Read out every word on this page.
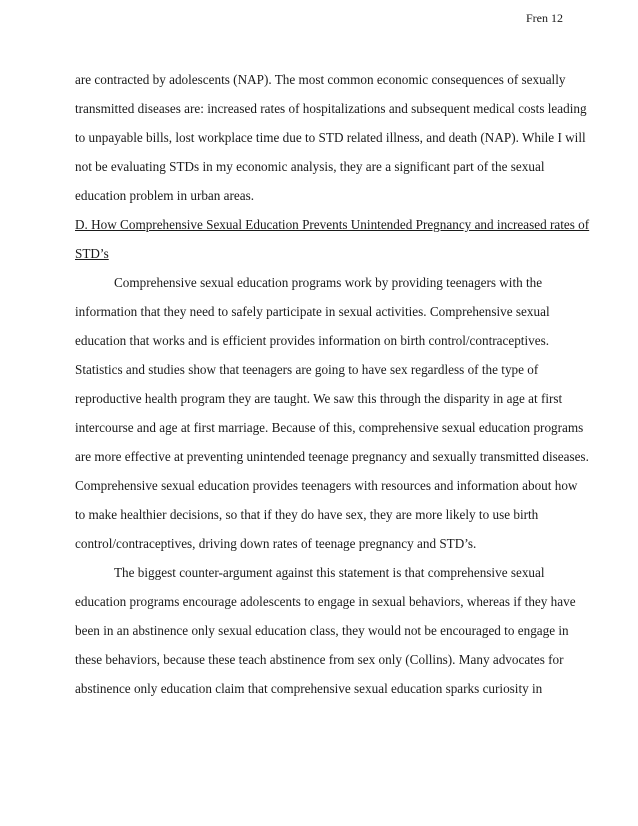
Fren 12
are contracted by adolescents (NAP). The most common economic consequences of sexually
transmitted diseases are: increased rates of hospitalizations and subsequent medical costs leading
to unpayable bills, lost workplace time due to STD related illness, and death (NAP). While I will
not be evaluating STDs in my economic analysis, they are a significant part of the sexual
education problem in urban areas.
D. How Comprehensive Sexual Education Prevents Unintended Pregnancy and increased rates of
STD’s
Comprehensive sexual education programs work by providing teenagers with the
information that they need to safely participate in sexual activities. Comprehensive sexual
education that works and is efficient provides information on birth control/contraceptives.
Statistics and studies show that teenagers are going to have sex regardless of the type of
reproductive health program they are taught. We saw this through the disparity in age at first
intercourse and age at first marriage. Because of this, comprehensive sexual education programs
are more effective at preventing unintended teenage pregnancy and sexually transmitted diseases.
Comprehensive sexual education provides teenagers with resources and information about how
to make healthier decisions, so that if they do have sex, they are more likely to use birth
control/contraceptives, driving down rates of teenage pregnancy and STD’s.
The biggest counter-argument against this statement is that comprehensive sexual
education programs encourage adolescents to engage in sexual behaviors, whereas if they have
been in an abstinence only sexual education class, they would not be encouraged to engage in
these behaviors, because these teach abstinence from sex only (Collins). Many advocates for
abstinence only education claim that comprehensive sexual education sparks curiosity in
